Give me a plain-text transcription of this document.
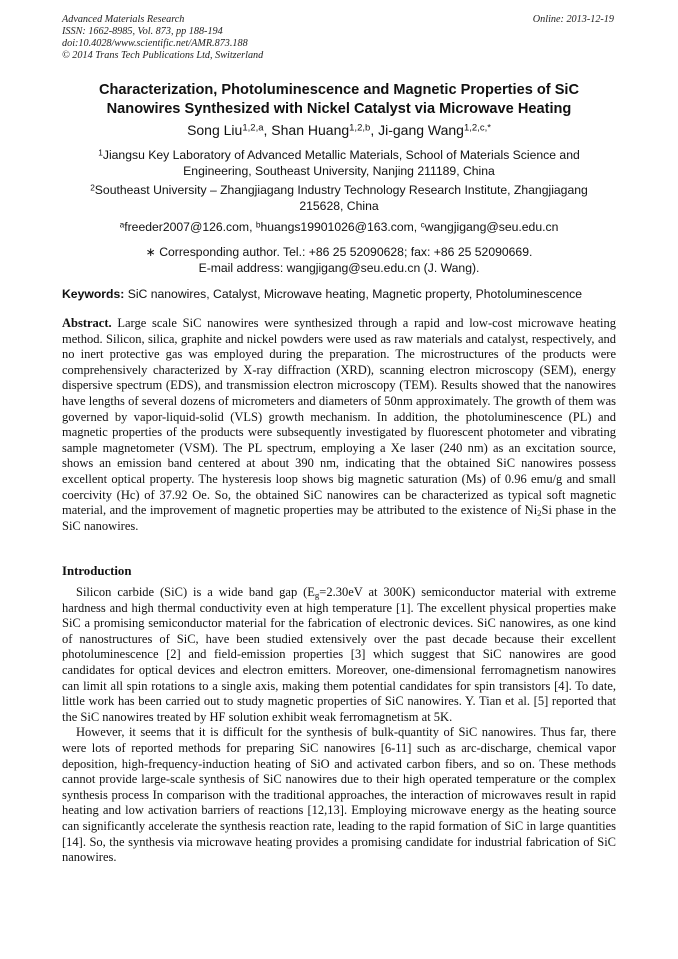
Advanced Materials Research
ISSN: 1662-8985, Vol. 873, pp 188-194
doi:10.4028/www.scientific.net/AMR.873.188
© 2014 Trans Tech Publications Ltd, Switzerland
Online: 2013-12-19
Characterization, Photoluminescence and Magnetic Properties of SiC
Nanowires Synthesized with Nickel Catalyst via Microwave Heating
Song Liu$^{1,2,a}$, Shan Huang$^{1,2,b}$, Ji-gang Wang$^{1,2,c,*}$
$^1$Jiangsu Key Laboratory of Advanced Metallic Materials, School of Materials Science and
Engineering, Southeast University, Nanjing 211189, China
$^2$Southeast University – Zhangjiagang Industry Technology Research Institute, Zhangjiagang
215628, China
$^a$freeder2007@126.com, $^b$huangs19901026@163.com, $^c$wangjigang@seu.edu.cn
∗ Corresponding author. Tel.: +86 25 52090628; fax: +86 25 52090669.
E-mail address: wangjigang@seu.edu.cn (J. Wang).
Keywords: SiC nanowires, Catalyst, Microwave heating, Magnetic property, Photoluminescence
Abstract. Large scale SiC nanowires were synthesized through a rapid and low-cost microwave heating method. Silicon, silica, graphite and nickel powders were used as raw materials and catalyst, respectively, and no inert protective gas was employed during the preparation. The microstructures of the products were comprehensively characterized by X-ray diffraction (XRD), scanning electron microscopy (SEM), energy dispersive spectrum (EDS), and transmission electron microscopy (TEM). Results showed that the nanowires have lengths of several dozens of micrometers and diameters of 50nm approximately. The growth of them was governed by vapor-liquid-solid (VLS) growth mechanism. In addition, the photoluminescence (PL) and magnetic properties of the products were subsequently investigated by fluorescent photometer and vibrating sample magnetometer (VSM). The PL spectrum, employing a Xe laser (240 nm) as an excitation source, shows an emission band centered at about 390 nm, indicating that the obtained SiC nanowires possess excellent optical property. The hysteresis loop shows big magnetic saturation (Ms) of 0.96 emu/g and small coercivity (Hc) of 37.92 Oe. So, the obtained SiC nanowires can be characterized as typical soft magnetic material, and the improvement of magnetic properties may be attributed to the existence of $Ni_2Si$ phase in the SiC nanowires.
Introduction

Silicon carbide (SiC) is a wide band gap ($E_g=2.30eV$ at 300K) semiconductor material with extreme hardness and high thermal conductivity even at high temperature [1]. The excellent physical properties make SiC a promising semiconductor material for the fabrication of electronic devices. SiC nanowires, as one kind of nanostructures of SiC, have been studied extensively over the past decade because their excellent photoluminescence [2] and field-emission properties [3] which suggest that SiC nanowires are good candidates for optical devices and electron emitters. Moreover, one-dimensional ferromagnetism nanowires can limit all spin rotations to a single axis, making them potential candidates for spin transistors [4]. To date, little work has been carried out to study magnetic properties of SiC nanowires. Y. Tian et al. [5] reported that the SiC nanowires treated by HF solution exhibit weak ferromagnetism at 5K.

However, it seems that it is difficult for the synthesis of bulk-quantity of SiC nanowires. Thus far, there were lots of reported methods for preparing SiC nanowires [6-11] such as arc-discharge, chemical vapor deposition, high-frequency-induction heating of SiO and activated carbon fibers, and so on. These methods cannot provide large-scale synthesis of SiC nanowires due to their high operated temperature or the complex synthesis process In comparison with the traditional approaches, the interaction of microwaves result in rapid heating and low activation barriers of reactions [12,13]. Employing microwave energy as the heating source can significantly accelerate the synthesis reaction rate, leading to the rapid formation of SiC in large quantities [14]. So, the synthesis via microwave heating provides a promising candidate for industrial fabrication of SiC nanowires.
